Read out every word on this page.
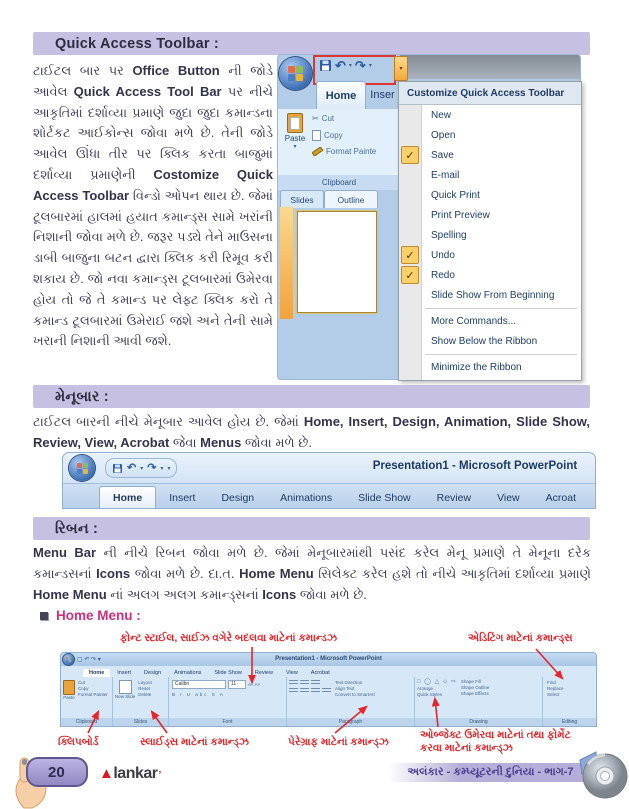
Quick Access Toolbar :
ટાઈટલ બાર પર Office Button ની જોડે આવેલ Quick Access Tool Bar પર નીચે આકૃતિમાં દર્શાવ્યા પ્રમાણે જુદા જુદા કમાન્ડના શોર્ટકટ આઈકોન્સ જોવા મળે છે. તેની જોડે આવેલ ઊંધા તીર પર ક્લિક કરતા બાજુમાં દર્શાવ્યા પ્રમાણેની Costomize Quick Access Toolbar વિન્ડો ઓપન થાય છે. જેમાં ટૂલબારમાં હાલમાં હયાત કમાન્ડ્સ સામે ખરાંની નિશાની જોવા મળે છે. જરૂર પડ્યે તેને માઉસના ડાબી બાજુના બટન દ્વારા ક્લિક કરી રિમૂવ કરી શકાય છે. જો નવા કમાન્ડ્સ ટૂલબારમાં ઉમેરવા હોય તો જે તે કમાન્ડ પર લેફ્ટ ક્લિક કરો તે કમાન્ડ ટૂલબારમાં ઉમેરાઈ જશે અને તેની સામે ખરાની નિશાની આવી જશે.
↶ ▾ ↷ ▾	▾
Home Inser
Paste
▾
✂ Cut
Copy
Format Painte
Clipboard
Slides	Outline
Customize Quick Access Toolbar
New
Open
✓	Save
E-mail
Quick Print
Print Preview
Spelling
✓	Undo
✓	Redo
Slide Show From Beginning
More Commands...
Show Below the Ribbon
Minimize the Ribbon
મેનૂબાર :
ટાઈટલ બારની નીચે મેનૂબાર આવેલ હોય છે. જેમાં Home, Insert, Design, Animation, Slide Show, Review, View, Acrobat જેવા Menus જોવા મળે છે.
↶ ▾ ↷ ▾ ▾	Presentation1 - Microsoft PowerPoint
Home	Insert Design Animations Slide Show Review View Acroat
રિબન :
Menu Bar ની નીચે રિબન જોવા મળે છે. જેમાં મેનૂબારમાંથી પસંદ કરેલ મેનૂ પ્રમાણે તે મેનૂના દરેક કમાન્ડસનાં Icons જોવા મળે છે. દા.ત. Home Menu સિલેક્ટ કરેલ હશે તો નીચે આકૃતિમાં દર્શાવ્યા પ્રમાણે Home Menu નાં અલગ અલગ કમાન્ડ્સનાં Icons જોવા મળે છે.
Home Menu :
ફોન્ટ સ્ટાઈલ, સાઈઝ વગેરે બદલવા માટેનાં કમાન્ડઝ	એડિટિંગ માટેનાં કમાન્ડ્સ
ક્લિપબોર્ડ	સ્લાઈડ્સ માટેનાં કમાન્ડ્ઝ	પેરેગ્રાફ માટેનાં કમાન્ડ્ઝ
ઓબ્જેક્ટ ઉમેરવા માટેનાં તથા ફોર્મેટ
કરવા માટેનાં કમાન્ડ્ઝ
▢ ↶ ↷ ▾	Presentation1 - Microsoft PowerPoint
Home	Insert	Design	Animations	Slide Show	Review	View	Acrobat
Paste
Cut
Copy
Format Painter
Clipboard
New Slide
Layout
Reset
Delete
Slides
Calibri	11	A˄ A˅
B I U abc S A
Font
Text Direction
Align Text
Convert to SmartArt
Paragraph
□ ◯ △ ⬦ ⇨
Arrange
Quick Styles
Shape Fill
Shape Outline
Shape Effects
Drawing
Find
Replace
Select
Editing
20 ▲ lankar ’	અલંકાર - કમ્પ્યૂટરની દુનિયા - ભાગ-7
